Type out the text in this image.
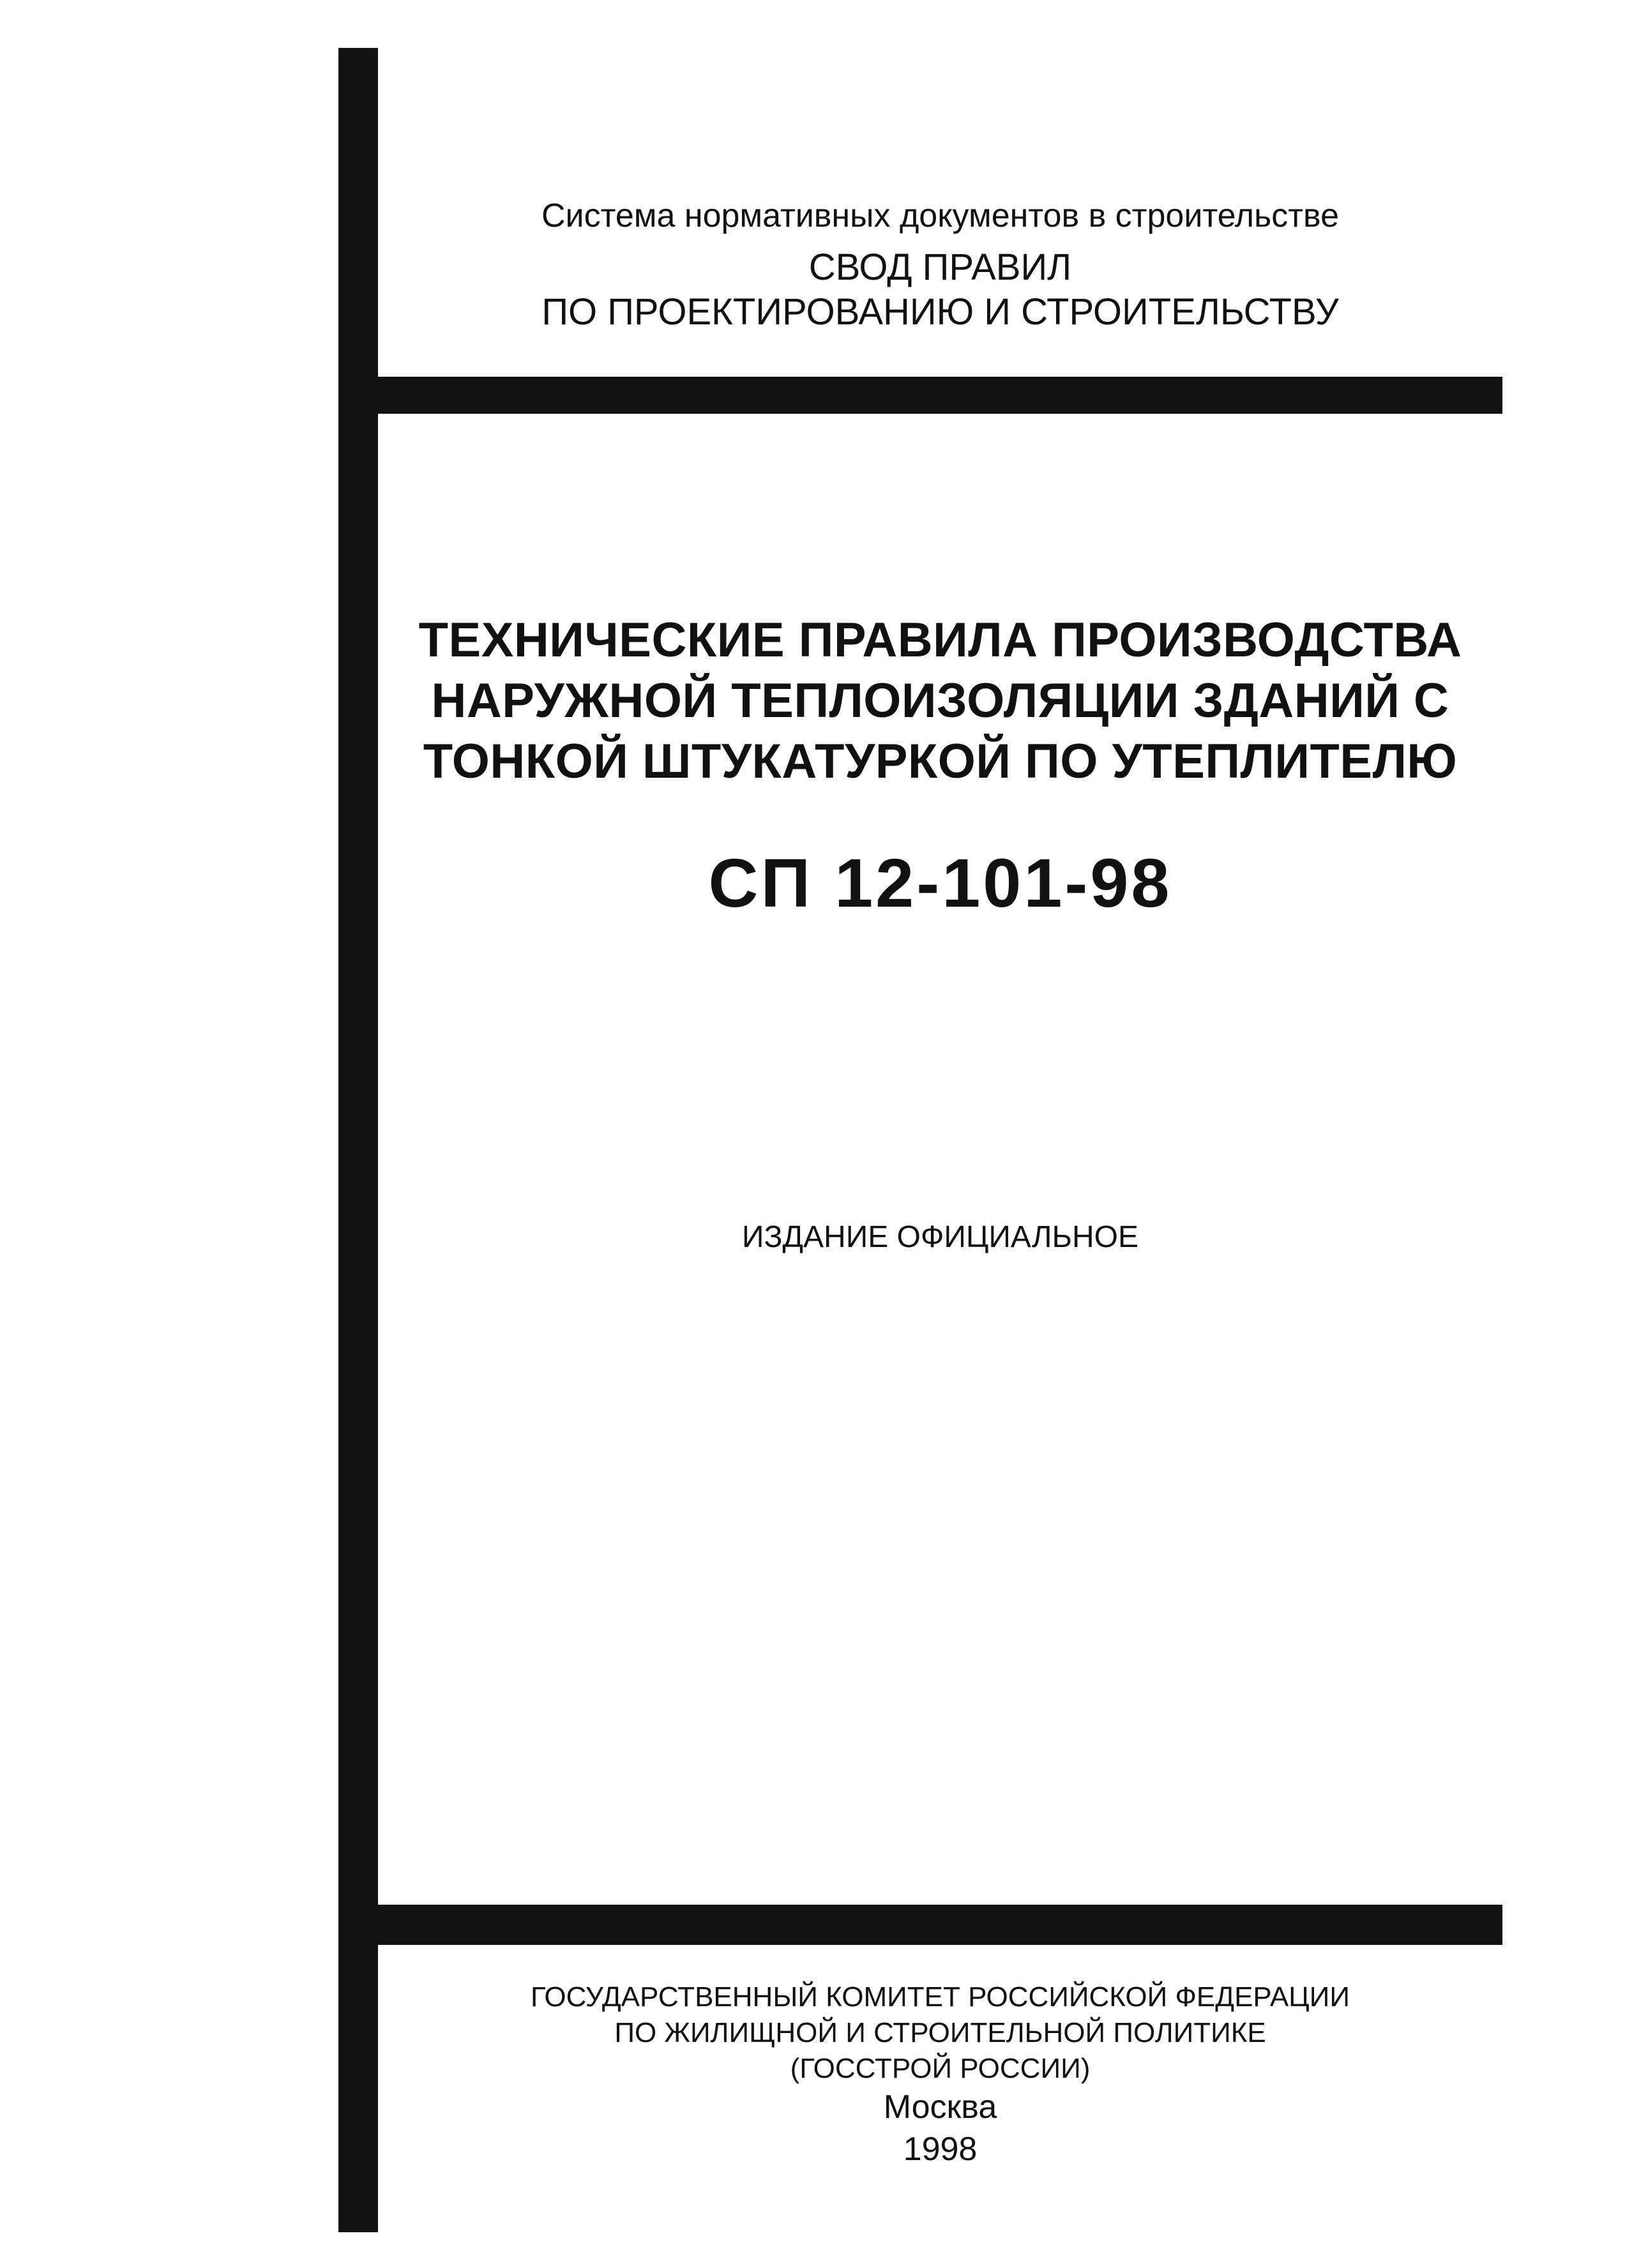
Система нормативных документов в строительстве

СВОД ПРАВИЛ

ПО ПРОЕКТИРОВАНИЮ И СТРОИТЕЛЬСТВУ

ТЕХНИЧЕСКИЕ ПРАВИЛА ПРОИЗВОДСТВА
НАРУЖНОЙ ТЕПЛОИЗОЛЯЦИИ ЗДАНИЙ С
ТОНКОЙ ШТУКАТУРКОЙ ПО УТЕПЛИТЕЛЮ

СП 12-101-98

ИЗДАНИЕ ОФИЦИАЛЬНОЕ

ГОСУДАРСТВЕННЫЙ КОМИТЕТ РОССИЙСКОЙ ФЕДЕРАЦИИ
ПО ЖИЛИЩНОЙ И СТРОИТЕЛЬНОЙ ПОЛИТИКЕ
(ГОССТРОЙ РОССИИ)

Москва

1998
